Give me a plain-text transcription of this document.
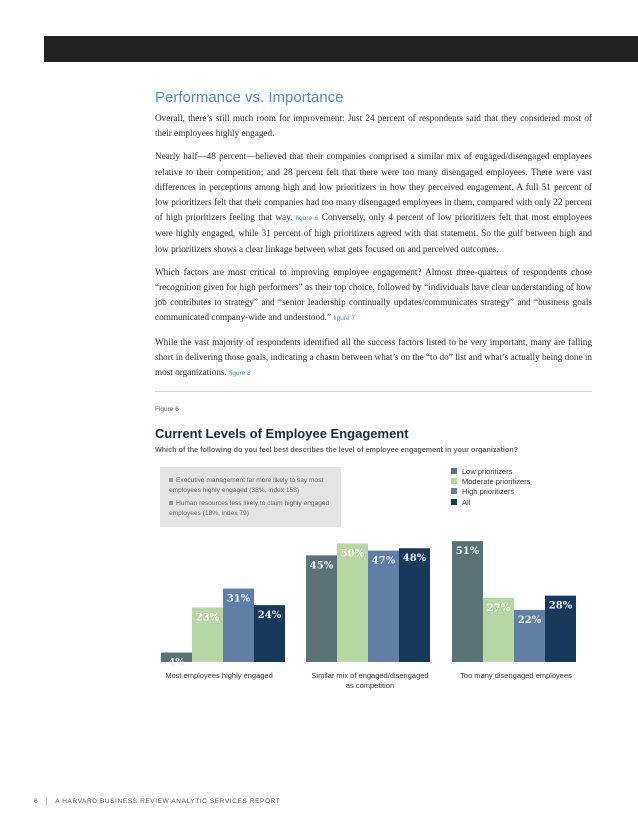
Performance vs. Importance

Overall, there’s still much room for improvement: Just 24 percent of respondents said that they considered most of their employees highly engaged.

Nearly half—48 percent—believed that their companies comprised a similar mix of engaged/disengaged employees relative to their competition; and 28 percent felt that there were too many disengaged employees. There were vast differences in perceptions among high and low prioritizers in how they perceived engagement. A full 51 percent of low prioritizers felt that their companies had too many disengaged employees in them, compared with only 22 percent of high prioritizers feeling that way. figure 6 Conversely, only 4 percent of low prioritizers felt that most employees were highly engaged, while 31 percent of high prioritizers agreed with that statement. So the gulf between high and low prioritizers shows a clear linkage between what gets focused on and perceived outcomes.

Which factors are most critical to improving employee engagement? Almost three-quarters of respondents chose “recognition given for high performers” as their top choice, followed by “individuals have clear understanding of how job contributes to strategy” and “senior leadership continually updates/communicates strategy” and “business goals communicated company-wide and understood.” figure 7

While the vast majority of respondents identified all the success factors listed to be very important, many are falling short in delivering those goals, indicating a chasm between what’s on the “to do” list and what’s actually being done in most organizations. figure 8

Figure 6
Current Levels of Employee Engagement
Which of the following do you feel best describes the level of employee engagement in your organization?
Executive management far more likely to say most employees highly engaged (38%, index 158)
Human resources less likely to claim highly engaged employees (18%, index 79)
Low prioritizers
Moderate prioritizers
High prioritizers
All
4%
23%
31%
24%
Most employees highly engaged
45%
50%
47% 48%
Similar mix of engaged/disengaged
as competition
51%
27%
22%
28%
Too many disengaged employees
6	A HARVARD BUSINESS REVIEW ANALYTIC SERVICES REPORT
